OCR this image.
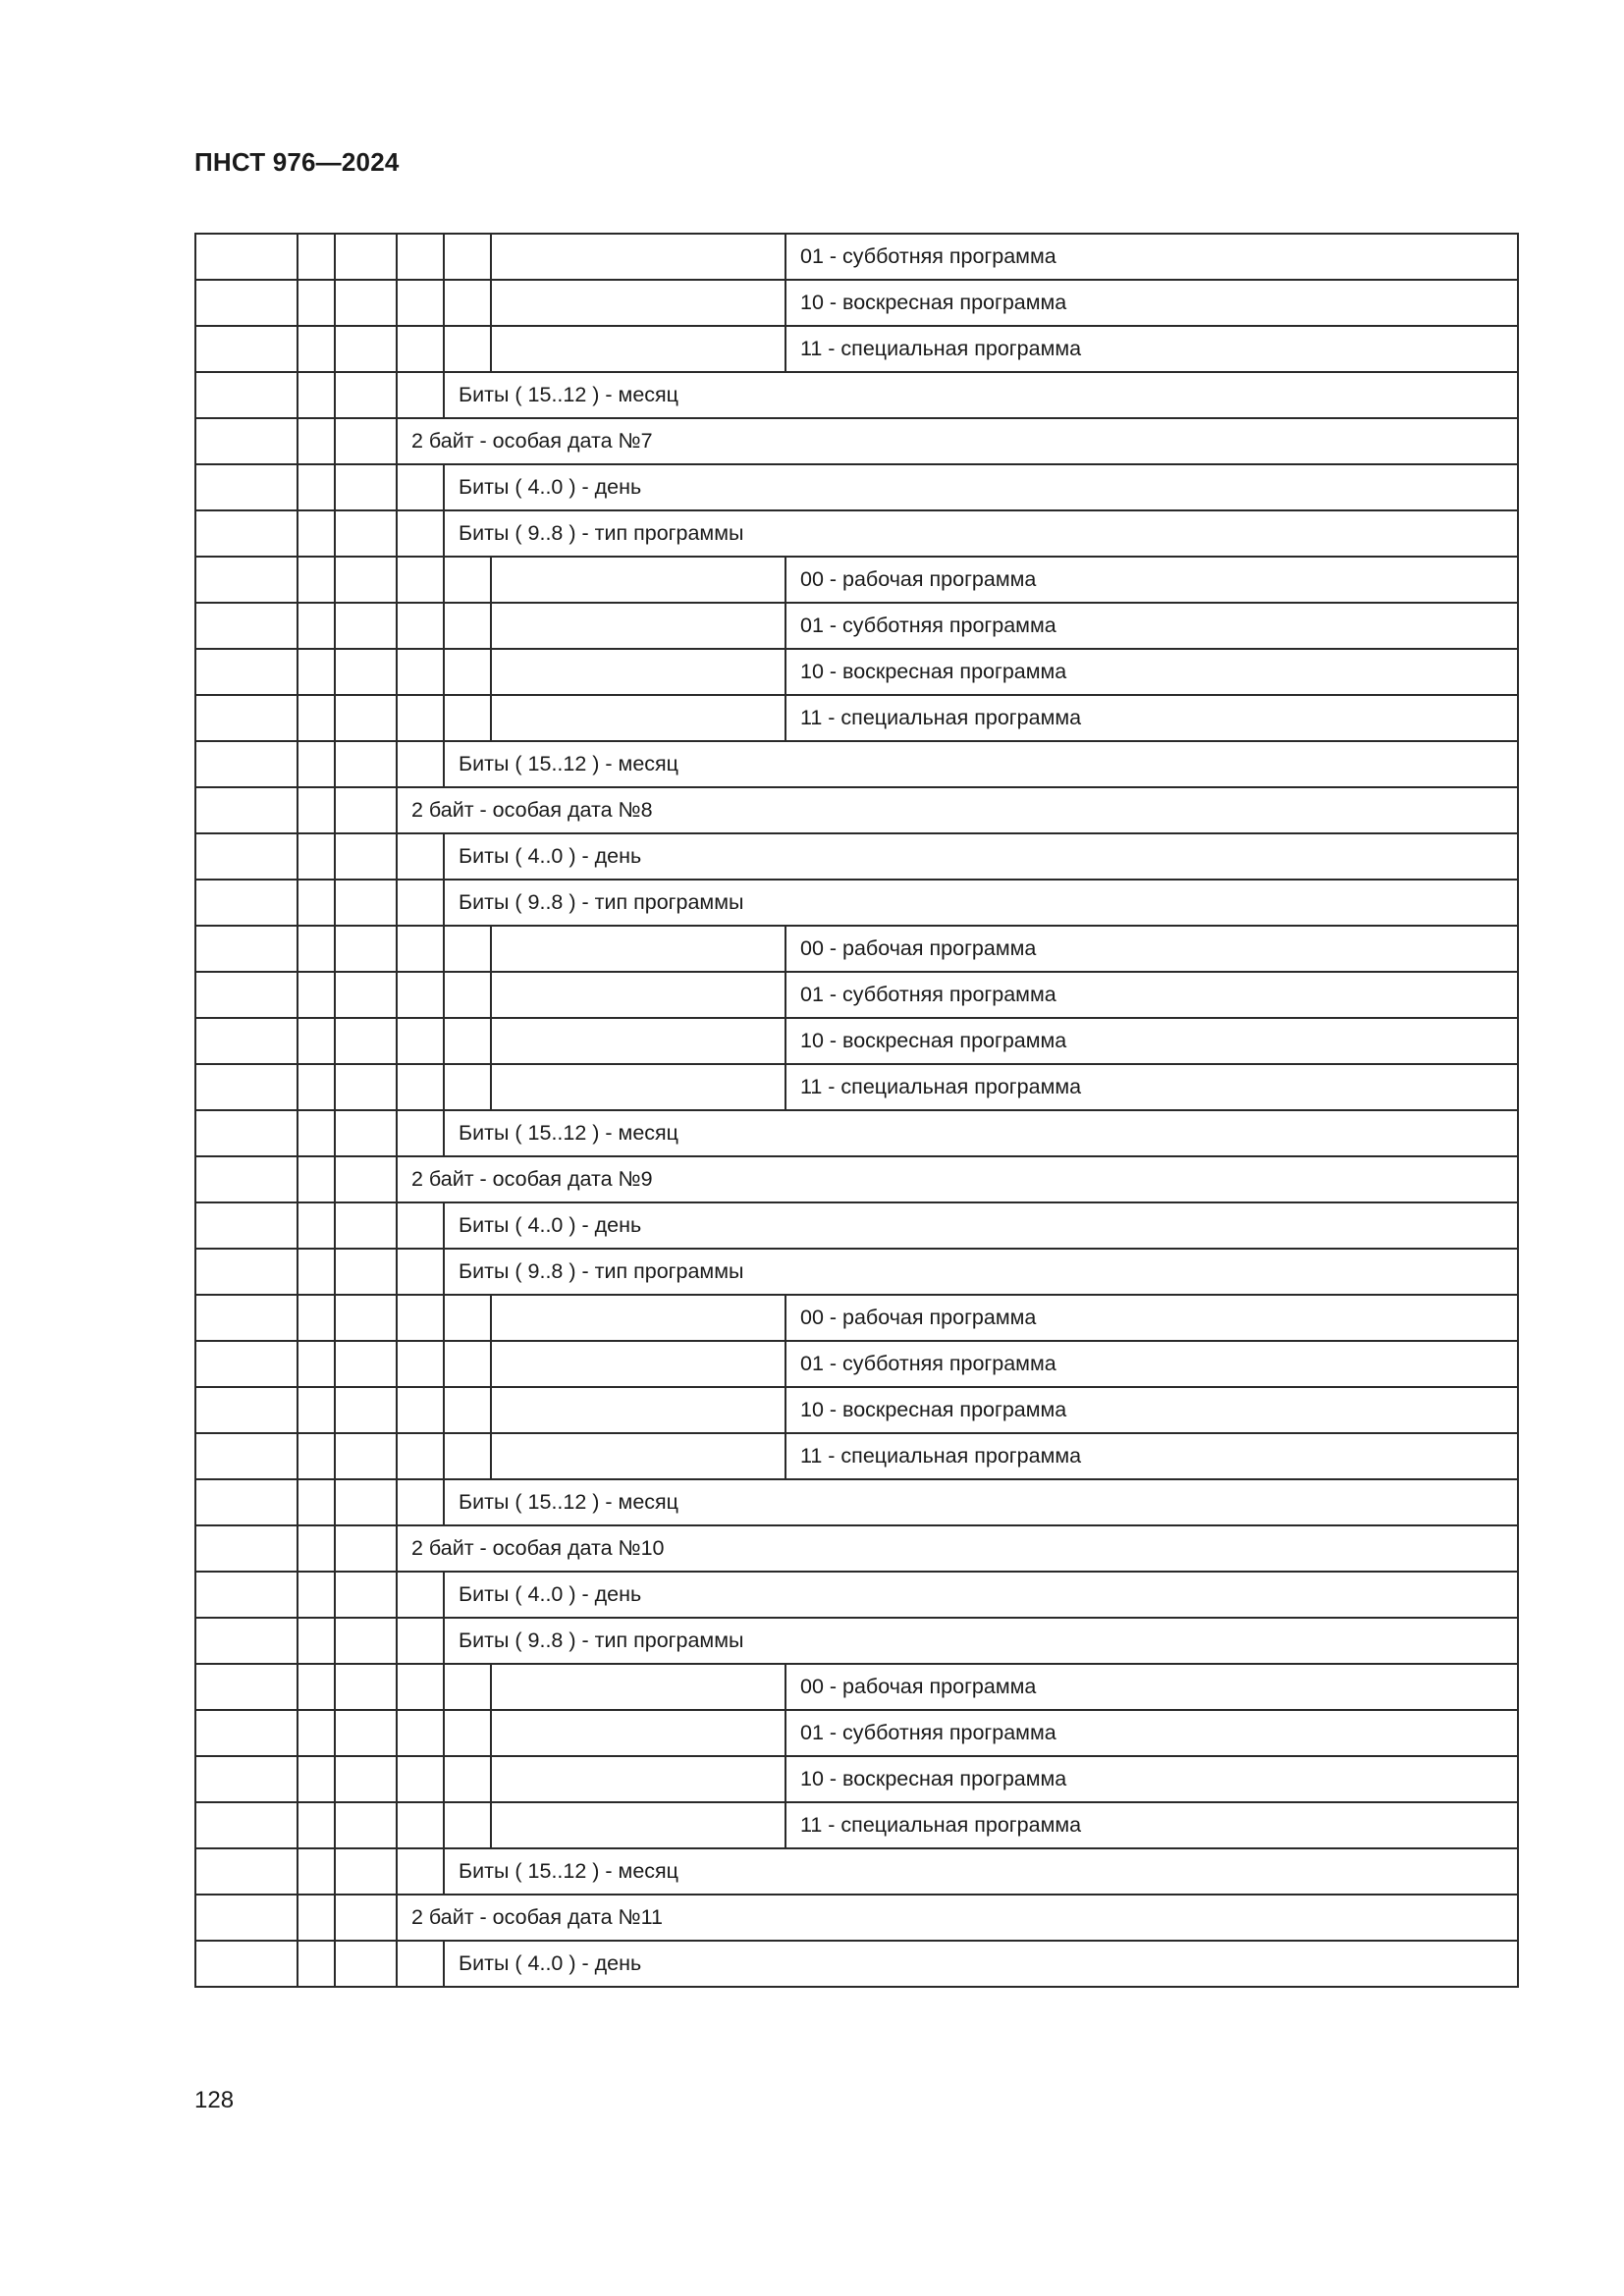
ПНСТ 976—2024
						01 - субботняя программа
						10 - воскресная программа
						11 - специальная программа
				Биты ( 15..12 ) - месяц		
			2 байт - особая дата №7			
				Биты ( 4..0 ) - день		
				Биты ( 9..8 ) - тип программы		
						00 - рабочая программа
						01 - субботняя программа
						10 - воскресная программа
						11 - специальная программа
				Биты ( 15..12 ) - месяц		
			2 байт - особая дата №8			
				Биты ( 4..0 ) - день		
				Биты ( 9..8 ) - тип программы		
						00 - рабочая программа
						01 - субботняя программа
						10 - воскресная программа
						11 - специальная программа
				Биты ( 15..12 ) - месяц		
			2 байт - особая дата №9			
				Биты ( 4..0 ) - день		
				Биты ( 9..8 ) - тип программы		
						00 - рабочая программа
						01 - субботняя программа
						10 - воскресная программа
						11 - специальная программа
				Биты ( 15..12 ) - месяц		
			2 байт - особая дата №10			
				Биты ( 4..0 ) - день		
				Биты ( 9..8 ) - тип программы		
						00 - рабочая программа
						01 - субботняя программа
						10 - воскресная программа
						11 - специальная программа
				Биты ( 15..12 ) - месяц		
			2 байт - особая дата №11			
				Биты ( 4..0 ) - день		
128
